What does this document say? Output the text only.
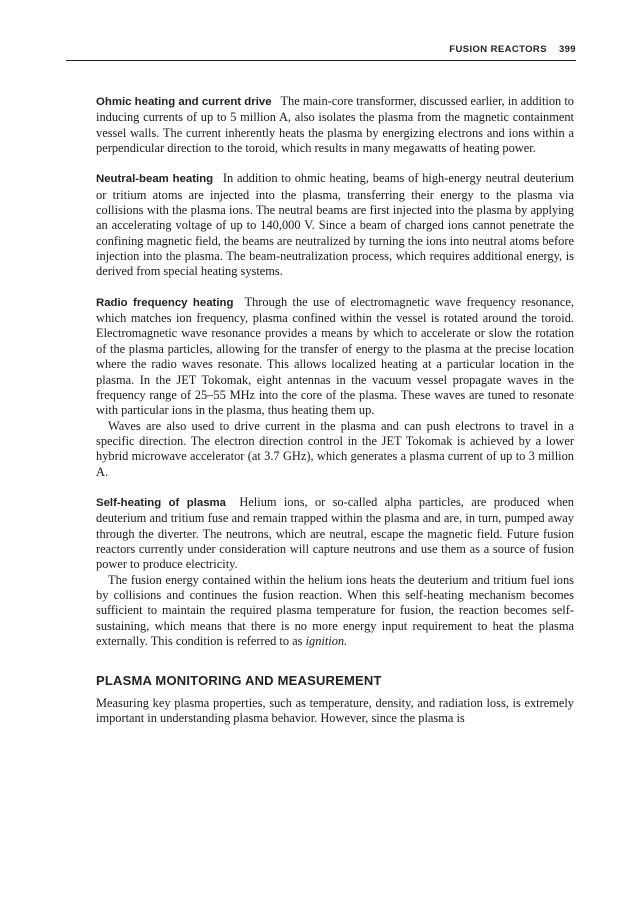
FUSION REACTORS 399

Ohmic heating and current drive The main-core transformer, discussed earlier, in addition to inducing currents of up to 5 million A, also isolates the plasma from the magnetic containment vessel walls. The current inherently heats the plasma by energizing electrons and ions within a perpendicular direction to the toroid, which results in many megawatts of heating power.

Neutral-beam heating In addition to ohmic heating, beams of high-energy neutral deuterium or tritium atoms are injected into the plasma, transferring their energy to the plasma via collisions with the plasma ions. The neutral beams are first injected into the plasma by applying an accelerating voltage of up to 140,000 V. Since a beam of charged ions cannot penetrate the confining magnetic field, the beams are neutralized by turning the ions into neutral atoms before injection into the plasma. The beam-neutralization process, which requires additional energy, is derived from special heating systems.

Radio frequency heating Through the use of electromagnetic wave frequency resonance, which matches ion frequency, plasma confined within the vessel is rotated around the toroid. Electromagnetic wave resonance provides a means by which to accelerate or slow the rotation of the plasma particles, allowing for the transfer of energy to the plasma at the precise location where the radio waves resonate. This allows localized heating at a particular location in the plasma. In the JET Tokomak, eight antennas in the vacuum vessel propagate waves in the frequency range of 25–55 MHz into the core of the plasma. These waves are tuned to resonate with particular ions in the plasma, thus heating them up.

Waves are also used to drive current in the plasma and can push electrons to travel in a specific direction. The electron direction control in the JET Tokomak is achieved by a lower hybrid microwave accelerator (at 3.7 GHz), which generates a plasma current of up to 3 million A.

Self-heating of plasma Helium ions, or so-called alpha particles, are produced when deuterium and tritium fuse and remain trapped within the plasma and are, in turn, pumped away through the diverter. The neutrons, which are neutral, escape the magnetic field. Future fusion reactors currently under consideration will capture neutrons and use them as a source of fusion power to produce electricity.

The fusion energy contained within the helium ions heats the deuterium and tritium fuel ions by collisions and continues the fusion reaction. When this self-heating mechanism becomes sufficient to maintain the required plasma temperature for fusion, the reaction becomes self-sustaining, which means that there is no more energy input requirement to heat the plasma externally. This condition is referred to as ignition.

PLASMA MONITORING AND MEASUREMENT

Measuring key plasma properties, such as temperature, density, and radiation loss, is extremely important in understanding plasma behavior. However, since the plasma is
